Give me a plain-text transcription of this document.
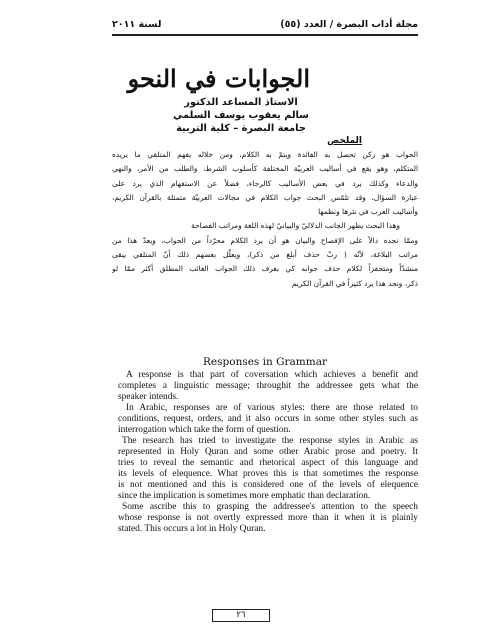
مجلة أداب البصرة / العدد (٥٥)
لسنة ٢٠١١
الجوابات في النحو
الاستاذ المساعد الدكتور
سالم يعقوب يوسف السلمي
جامعة البصرة – كلية التربية
الملخص
الجواب هو ركن تحصل به الفائدة ويتمّ به الكلام، ومن خلاله يفهم المتلقي ما يريده
المتكلم، وهو يقع في أساليب العربيّة المختلفة كأسلوب الشرط، والطلب من الأمر، والنهي
والدعاء وكذلك يرد في بعض الأساليب كالرجاء، فضلاً عن الاستفهام الذي يرد على
عبارة السؤال، وقد تلمّس البحث جواب الكلام في مجالات العربيّة متمثلة بالقرآن الكريم،
وأساليب العرب في نثرها ونظمها
وهذا البحث يظهر الجانب الدلاليّ والبيانيّ لهذه اللغة ومراتب الفصاحة
وممّا نجده دالاً على الإفصاح والبيان هو أن يرد الكلام محرّداً من الجواب، ويعدّ هذا من
مراتب البلاغة، لأنّه ( ربّ حذف أبلغ من ذكر)، ويعلّل بعضهم ذلك أنّ المتلقي يبقى
منشدّاً ومتحفزاً لكلام حذف جوابه كي يعرف ذلك الجواب الغائب المطلق أكثر ممّا لو
ذكر، ونجد هذا يرد كثيراً في القرآن الكريم
Responses in Grammar
A response is that part of coversation which achieves a benefit and
completes a linguistic message; throughit the addressee gets what the
speaker intends.
In Arabic, responses are of various styles: there are those related to
conditions, request, orders, and it also occurs in some other styles such as
interrogation which take the form of question.
The research has tried to investigate the response styles in Arabic as
represented in Holy Quran and some other Arabic prose and poetry. It
tries to reveal the semantic and rhetorical aspect of this language and
its levels of elequence. What proves this is that sometimes the response
is not mentioned and this is considered one of the levels of elequence
since the implication is sometimes more emphatic than declaration.
Some ascribe this to grasping the addressee's attention to the speech
whose response is not overtly expressed more than it when it is plainly
stated. This occurs a lot in Holy Quran.
٢٦
